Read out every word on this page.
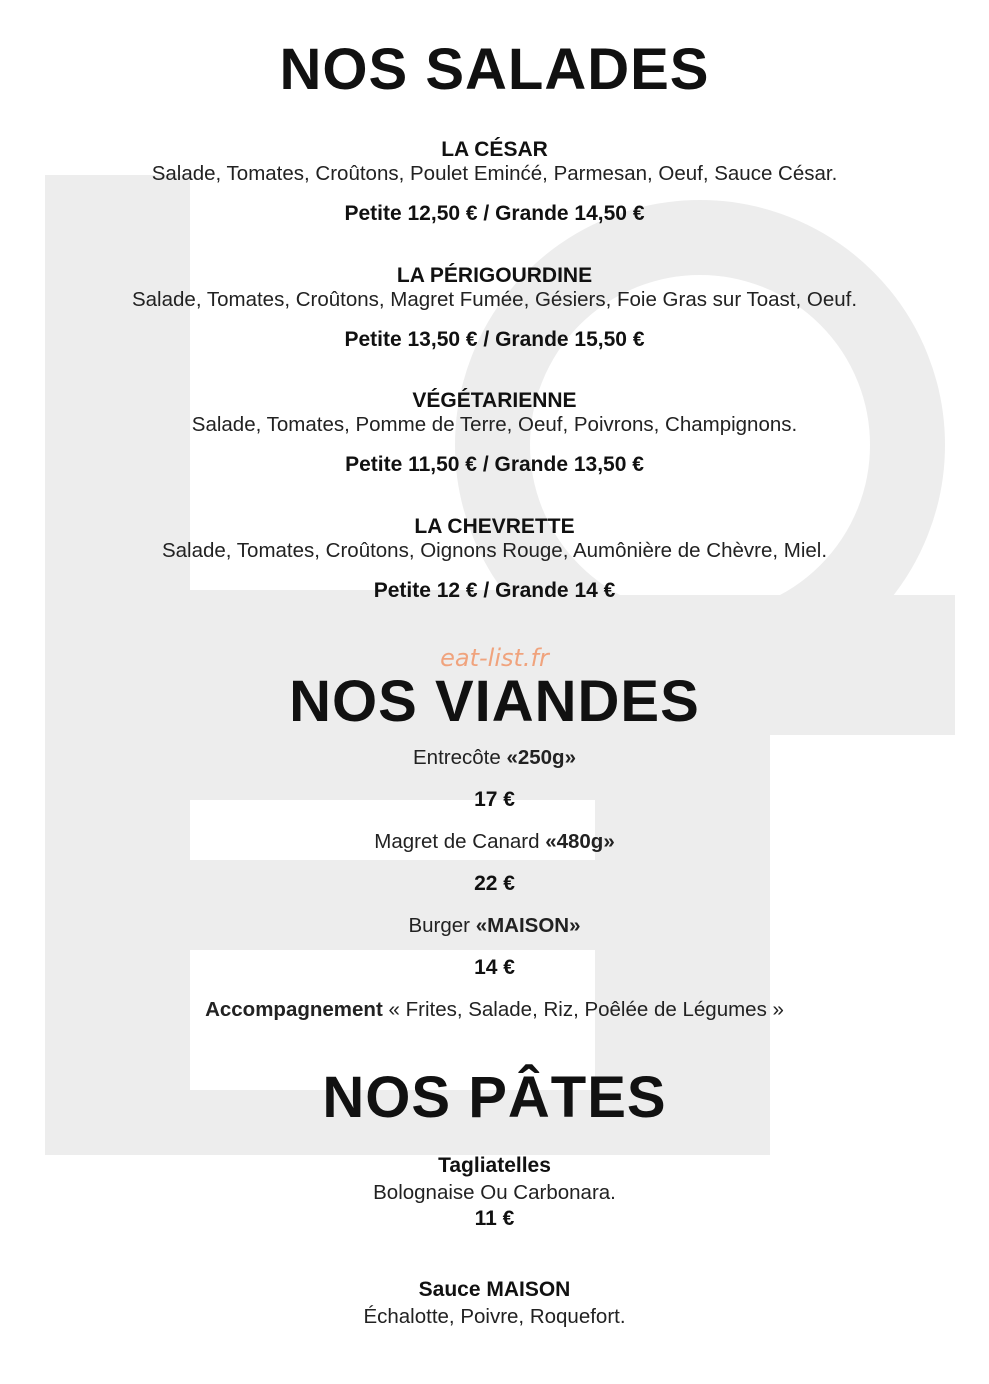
NOS SALADES
LA CÉSAR
Salade, Tomates, Croûtons, Poulet Eminćé, Parmesan, Oeuf, Sauce César.
Petite 12,50 € / Grande 14,50 €
LA PÉRIGOURDINE
Salade, Tomates, Croûtons, Magret Fumée, Gésiers, Foie Gras sur Toast, Oeuf.
Petite 13,50 € / Grande 15,50 €
VÉGÉTARIENNE
Salade, Tomates, Pomme de Terre, Oeuf, Poivrons, Champignons.
Petite 11,50 € / Grande 13,50 €
LA CHEVRETTE
Salade, Tomates, Croûtons, Oignons Rouge, Aumônière de Chèvre, Miel.
Petite 12 € / Grande 14 €
eat-list.fr
NOS VIANDES
Entrecôte «250g»
17 €
Magret de Canard «480g»
22 €
Burger «MAISON»
14 €
Accompagnement « Frites, Salade, Riz, Poêlée de Légumes »
NOS PÂTES
Tagliatelles
Bolognaise Ou Carbonara.
11 €
Sauce MAISON
Échalotte, Poivre, Roquefort.
